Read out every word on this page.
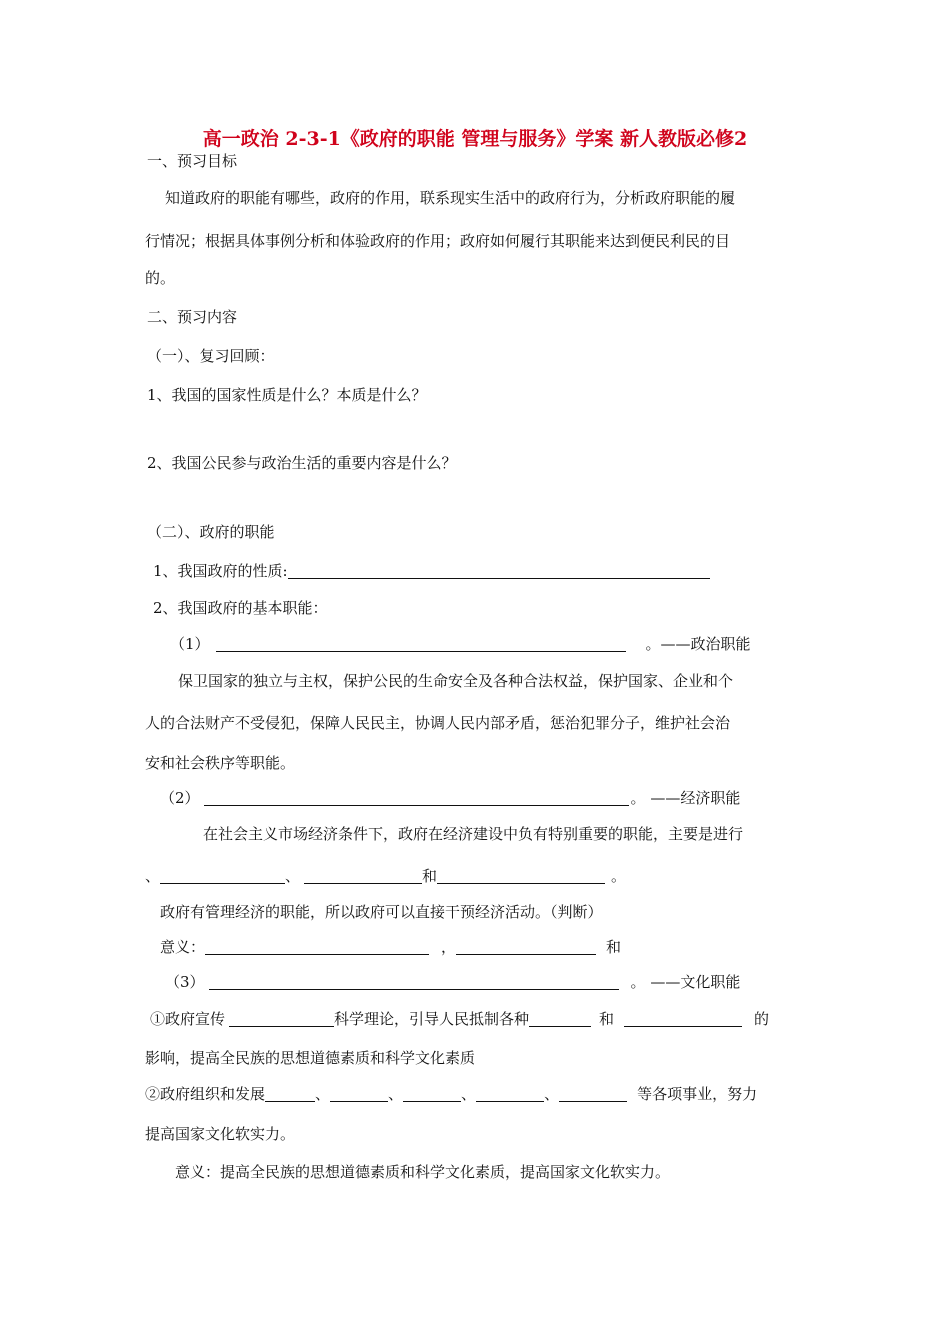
高一政治 2-3-1《政府的职能 管理与服务》学案 新人教版必修2
一、预习目标
知道政府的职能有哪些，政府的作用，联系现实生活中的政府行为，分析政府职能的履
行情况；根据具体事例分析和体验政府的作用；政府如何履行其职能来达到便民利民的目
的。
二、预习内容
（一）、复习回顾：
1、我国的国家性质是什么？本质是什么？
2、我国公民参与政治生活的重要内容是什么？
（二）、政府的职能
1、我国政府的性质:
2、我国政府的基本职能：
（1）	。——政治职能
保卫国家的独立与主权，保护公民的生命安全及各种合法权益，保护国家、企业和个
人的合法财产不受侵犯，保障人民民主，协调人民内部矛盾，惩治犯罪分子，维护社会治
安和社会秩序等职能。
（2）	。 ——经济职能
在社会主义市场经济条件下，政府在经济建设中负有特别重要的职能，主要是进行
、	、	和	。
政府有管理经济的职能，所以政府可以直接干预经济活动。（判断）
意义：	，	和
（3）	。 ——文化职能
①政府宣传	科学理论，引导人民抵制各种	和	的
影响，提高全民族的思想道德素质和科学文化素质
②政府组织和发展	、	、	、	、	等各项事业，努力
提高国家文化软实力。
意义：提高全民族的思想道德素质和科学文化素质，提高国家文化软实力。
